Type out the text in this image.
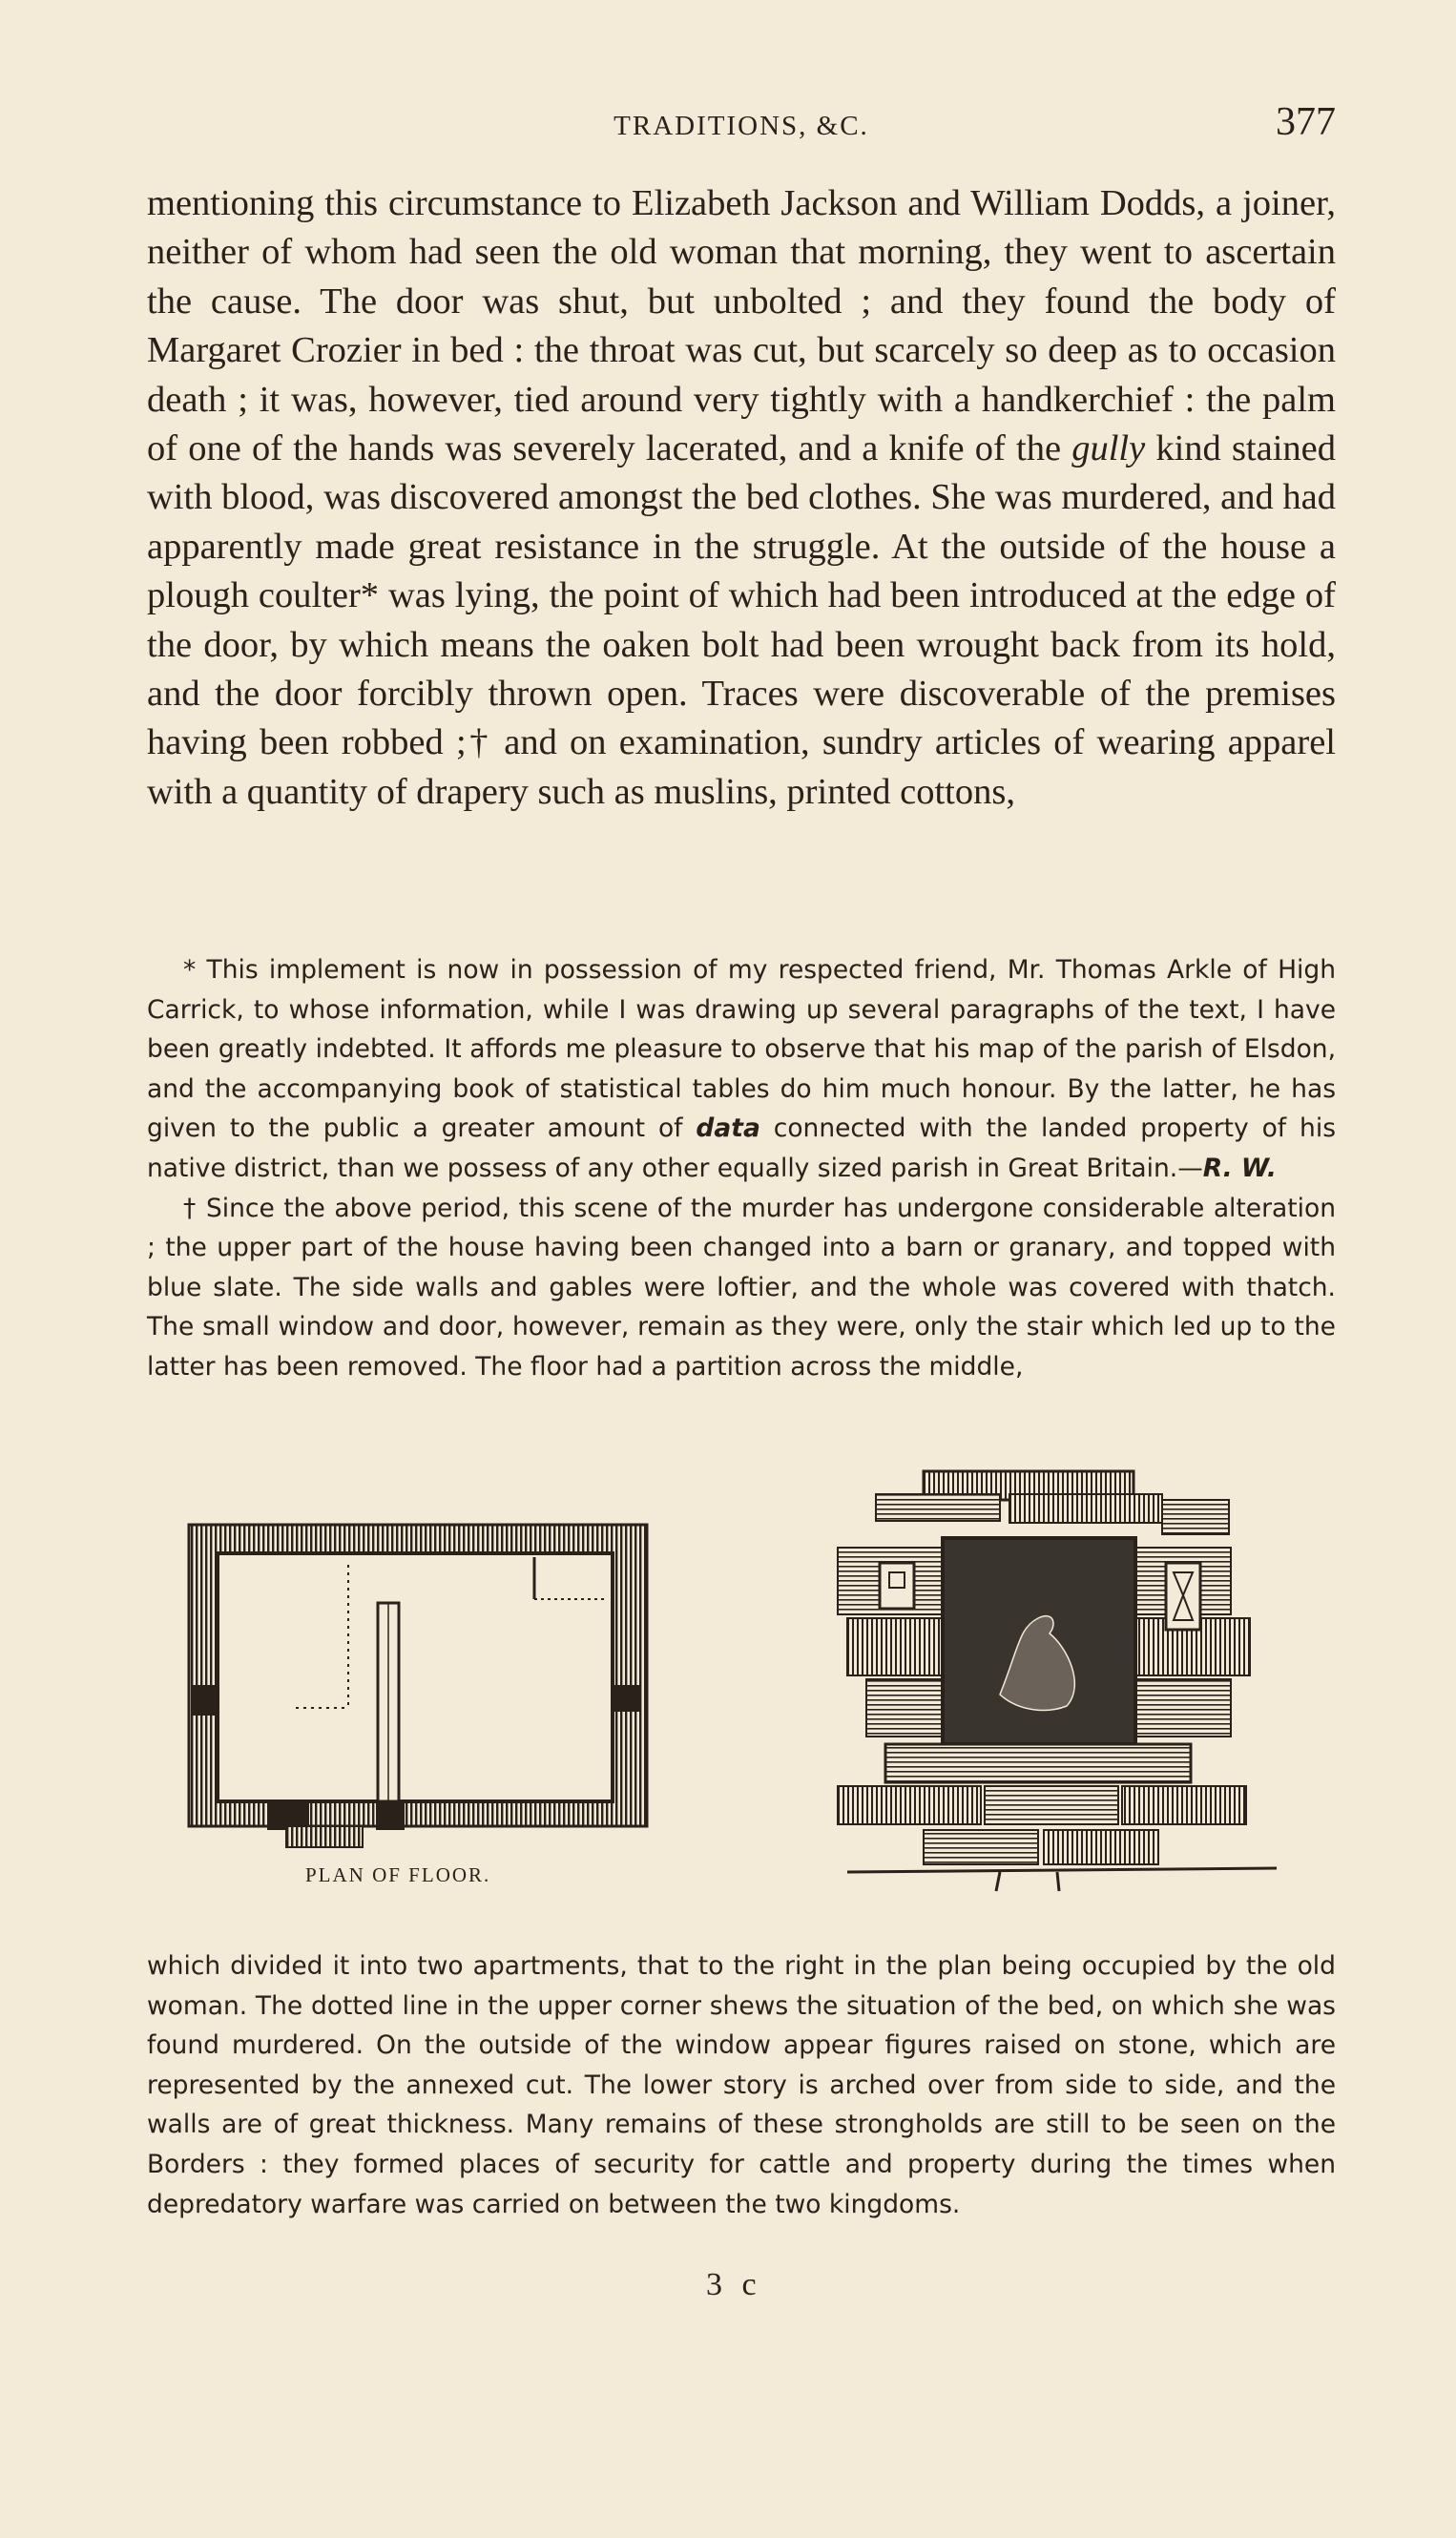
TRADITIONS, &C.	377
mentioning this circumstance to Elizabeth Jackson and William Dodds, a joiner, neither of whom had seen the old woman that morning, they went to ascertain the cause. The door was shut, but unbolted ; and they found the body of Margaret Crozier in bed : the throat was cut, but scarcely so deep as to occasion death ; it was, however, tied around very tightly with a handkerchief : the palm of one of the hands was severely lacerated, and a knife of the gully kind stained with blood, was discovered amongst the bed clothes. She was murdered, and had apparently made great resistance in the struggle. At the outside of the house a plough coulter* was lying, the point of which had been introduced at the edge of the door, by which means the oaken bolt had been wrought back from its hold, and the door forcibly thrown open. Traces were discoverable of the premises having been robbed ;† and on examination, sundry articles of wearing apparel with a quantity of drapery such as muslins, printed cottons,

* This implement is now in possession of my respected friend, Mr. Thomas Arkle of High Carrick, to whose information, while I was drawing up several paragraphs of the text, I have been greatly indebted. It affords me pleasure to observe that his map of the parish of Elsdon, and the accompanying book of statistical tables do him much honour. By the latter, he has given to the public a greater amount of data connected with the landed property of his native district, than we possess of any other equally sized parish in Great Britain.—R. W.

† Since the above period, this scene of the murder has undergone considerable alteration ; the upper part of the house having been changed into a barn or granary, and topped with blue slate. The side walls and gables were loftier, and the whole was covered with thatch. The small window and door, however, remain as they were, only the stair which led up to the latter has been removed. The floor had a partition across the middle,

PLAN OF FLOOR.

which divided it into two apartments, that to the right in the plan being occupied by the old woman. The dotted line in the upper corner shews the situation of the bed, on which she was found murdered. On the outside of the window appear figures raised on stone, which are represented by the annexed cut. The lower story is arched over from side to side, and the walls are of great thickness. Many remains of these strongholds are still to be seen on the Borders : they formed places of security for cattle and property during the times when depredatory warfare was carried on between the two kingdoms.

3 c
